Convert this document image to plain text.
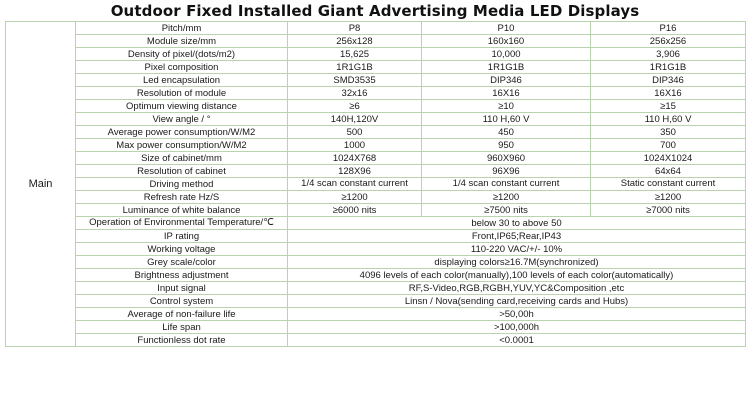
Outdoor Fixed Installed Giant Advertising Media LED Displays
Main	Pitch/mm	P8	P10	P16
	Module size/mm	256x128	160x160	256x256
	Density of pixel/(dots/m2)	15,625	10,000	3,906
	Pixel composition	1R1G1B	1R1G1B	1R1G1B
	Led encapsulation	SMD3535	DIP346	DIP346
	Resolution of module	32x16	16X16	16X16
	Optimum viewing distance	≥6	≥10	≥15
	View angle / °	140H,120V	110 H,60 V	110 H,60 V
	Average power consumption/W/M2	500	450	350
	Max power consumption/W/M2	1000	950	700
	Size of cabinet/mm	1024X768	960X960	1024X1024
	Resolution of cabinet	128X96	96X96	64x64
	Driving method	1/4 scan constant current	1/4 scan constant current	Static constant current
	Refresh rate Hz/S	≥1200	≥1200	≥1200
	Luminance of white balance	≥6000 nits	≥7500 nits	≥7000 nits
	Operation of Environmental Temperature/℃	below 30 to above 50		
	IP rating	Front,IP65;Rear,IP43		
	Working voltage	110-220 VAC/+/- 10%		
	Grey scale/color	displaying colors≥16.7M(synchronized)		
	Brightness adjustment	4096 levels of each color(manually),100 levels of each color(automatically)		
	Input signal	RF,S-Video,RGB,RGBH,YUV,YC&Composition ,etc		
	Control system	Linsn / Nova(sending card,receiving cards and Hubs)		
	Average of non-failure life	>50,00h		
	Life span	>100,000h		
	Functionless dot rate	<0.0001		
